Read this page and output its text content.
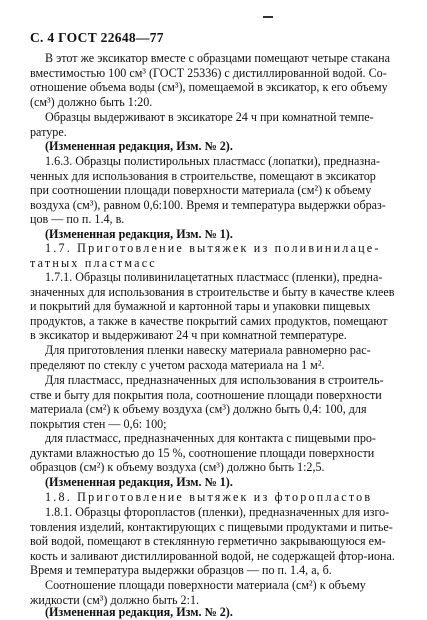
С. 4 ГОСТ 22648—77
В этот же эксикатор вместе с образцами помещают четыре стакана
вместимостью 100 см³ (ГОСТ 25336) с дистиллированной водой. Со-
отношение объема воды (см³), помещаемой в эксикатор, к его объему
(см³) должно быть 1:20.
Образцы выдерживают в эксикаторе 24 ч при комнатной темпе-
ратуре.
(Измененная редакция, Изм. № 2).
1.6.3. Образцы полистирольных пластмасс (лопатки), предназна-
ченных для использования в строительстве, помещают в эксикатор
при соотношении площади поверхности материала (см²) к объему
воздуха (см³), равном 0,6:100. Время и температура выдержки образ-
цов — по п. 1.4, в.
(Измененная редакция, Изм. № 1).
1.7. Приготовление вытяжек из поливинилаце-
татных пластмасс
1.7.1. Образцы поливинилацетатных пластмасс (пленки), предна-
значенных для использования в строительстве и быту в качестве клеев
и покрытий для бумажной и картонной тары и упаковки пищевых
продуктов, а также в качестве покрытий самих продуктов, помещают
в эксикатор и выдерживают 24 ч при комнатной температуре.
Для приготовления пленки навеску материала равномерно рас-
пределяют по стеклу с учетом расхода материала на 1 м².
Для пластмасс, предназначенных для использования в строитель-
стве и быту для покрытия пола, соотношение площади поверхности
материала (см²) к объему воздуха (см³) должно быть 0,4: 100, для
покрытия стен — 0,6: 100;
для пластмасс, предназначенных для контакта с пищевыми про-
дуктами влажностью до 15 %, соотношение площади поверхности
образцов (см²) к объему воздуха (см³) должно быть 1:2,5.
(Измененная редакция, Изм. № 1).
1.8. Приготовление вытяжек из фторопластов
1.8.1. Образцы фторопластов (пленки), предназначенных для изго-
товления изделий, контактирующих с пищевыми продуктами и питье-
вой водой, помещают в стеклянную герметично закрывающуюся ем-
кость и заливают дистиллированной водой, не содержащей фтор-иона.
Время и температура выдержки образцов — по п. 1.4, а, б.
Соотношение площади поверхности материала (см²) к объему
жидкости (см³) должно быть 2:1.
(Измененная редакция, Изм. № 2).
